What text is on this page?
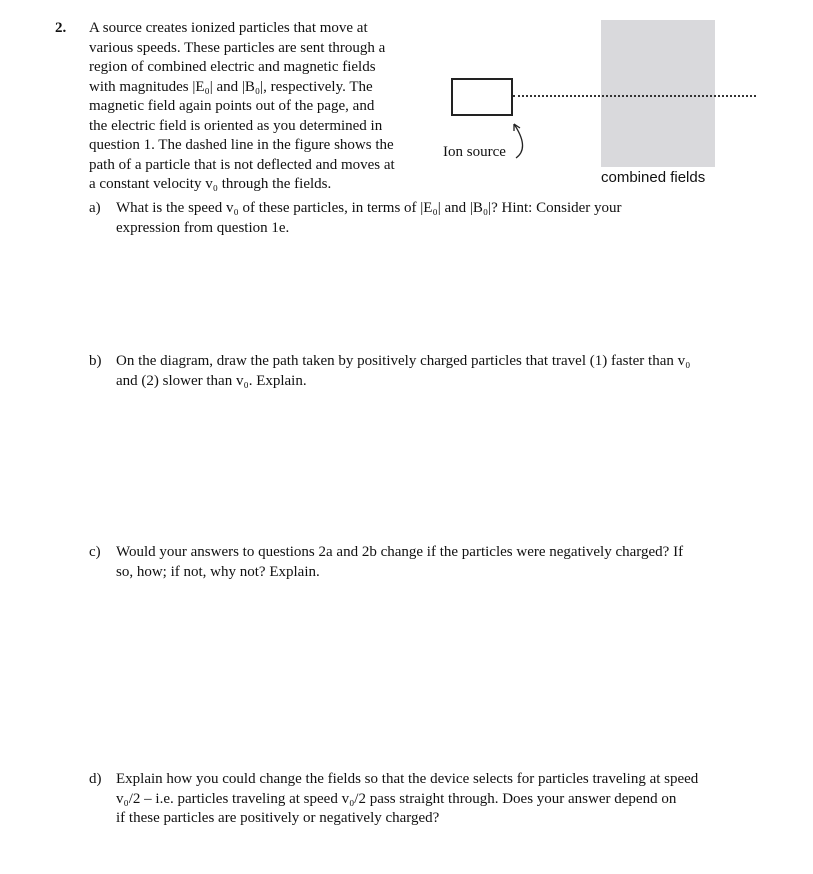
2. A source creates ionized particles that move at

various speeds. These particles are sent through a

region of combined electric and magnetic fields

with magnitudes |E₀| and |B₀|, respectively. The

magnetic field again points out of the page, and

the electric field is oriented as you determined in

question 1. The dashed line in the figure shows the

path of a particle that is not deflected and moves at

a constant velocity v₀ through the fields.

Ion source
combined fields
a) What is the speed v₀ of these particles, in terms of |E₀| and |B₀|? Hint: Consider your

expression from question 1e.

b) On the diagram, draw the path taken by positively charged particles that travel (1) faster than v₀

and (2) slower than v₀. Explain.

c) Would your answers to questions 2a and 2b change if the particles were negatively charged? If

so, how; if not, why not? Explain.

d) Explain how you could change the fields so that the device selects for particles traveling at speed

v₀/2 – i.e. particles traveling at speed v₀/2 pass straight through. Does your answer depend on

if these particles are positively or negatively charged?
